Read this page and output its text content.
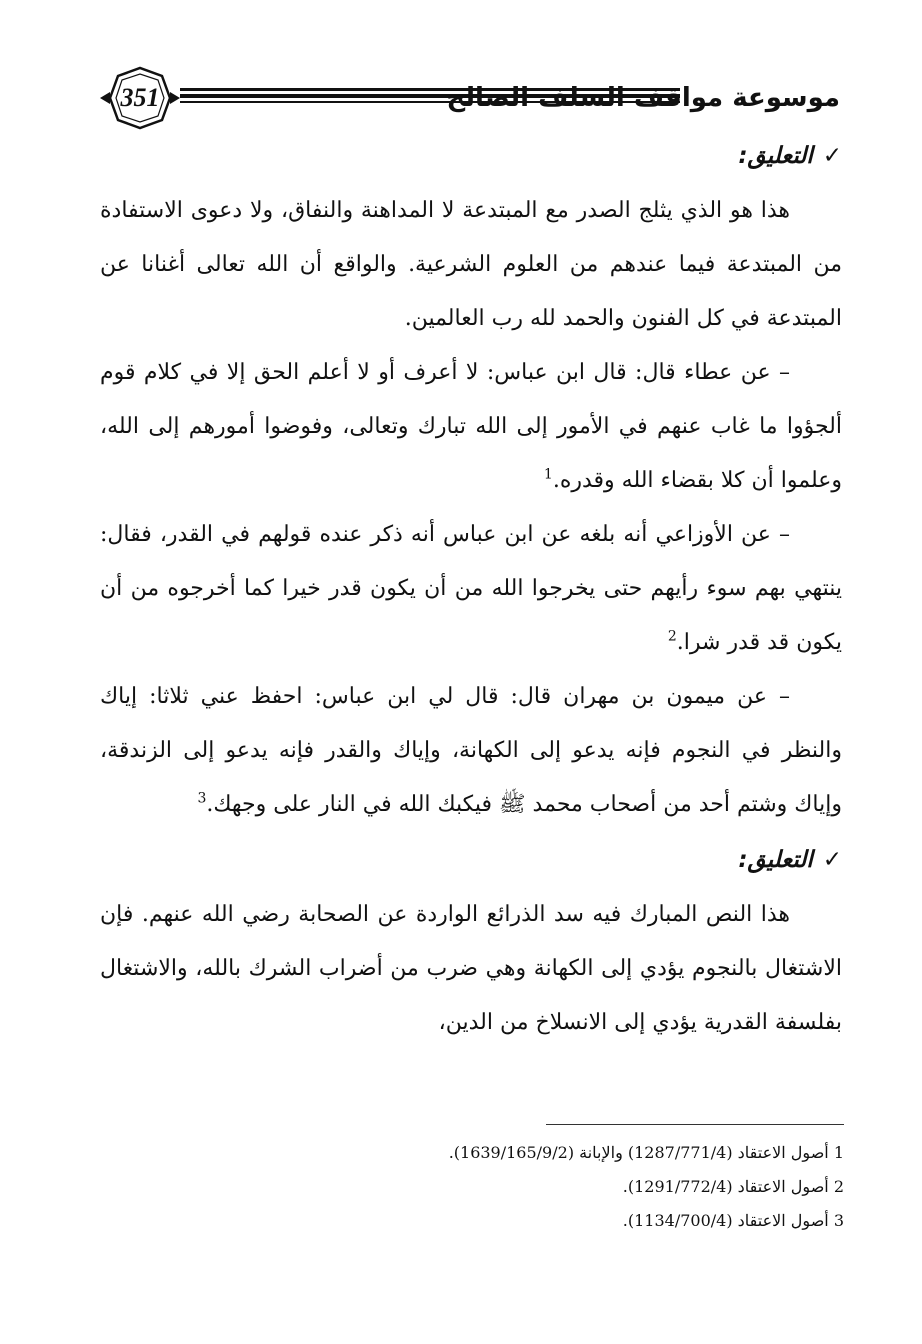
351	موسوعة مواقف السلف الصالح
✓التعليق:

هذا هو الذي يثلج الصدر مع المبتدعة لا المداهنة والنفاق، ولا دعوى الاستفادة من المبتدعة فيما عندهم من العلوم الشرعية. والواقع أن الله تعالى أغنانا عن المبتدعة في كل الفنون والحمد لله رب العالمين.

– عن عطاء قال: قال ابن عباس: لا أعرف أو لا أعلم الحق إلا في كلام قوم ألجؤوا ما غاب عنهم في الأمور إلى الله تبارك وتعالى، وفوضوا أمورهم إلى الله، وعلموا أن كلا بقضاء الله وقدره.$^1$

– عن الأوزاعي أنه بلغه عن ابن عباس أنه ذكر عنده قولهم في القدر، فقال: ينتهي بهم سوء رأيهم حتى يخرجوا الله من أن يكون قدر خيرا كما أخرجوه من أن يكون قد قدر شرا.$^2$

– عن ميمون بن مهران قال: قال لي ابن عباس: احفظ عني ثلاثا: إياك والنظر في النجوم فإنه يدعو إلى الكهانة، وإياك والقدر فإنه يدعو إلى الزندقة، وإياك وشتم أحد من أصحاب محمد ﷺ فيكبك الله في النار على وجهك.$^3$

✓التعليق:

هذا النص المبارك فيه سد الذرائع الواردة عن الصحابة رضي الله عنهم. فإن الاشتغال بالنجوم يؤدي إلى الكهانة وهي ضرب من أضراب الشرك بالله، والاشتغال بفلسفة القدرية يؤدي إلى الانسلاخ من الدين،

1 أصول الاعتقاد (1287/771/4) والإبانة (1639/165/9/2).
2 أصول الاعتقاد (1291/772/4).
3 أصول الاعتقاد (1134/700/4).
